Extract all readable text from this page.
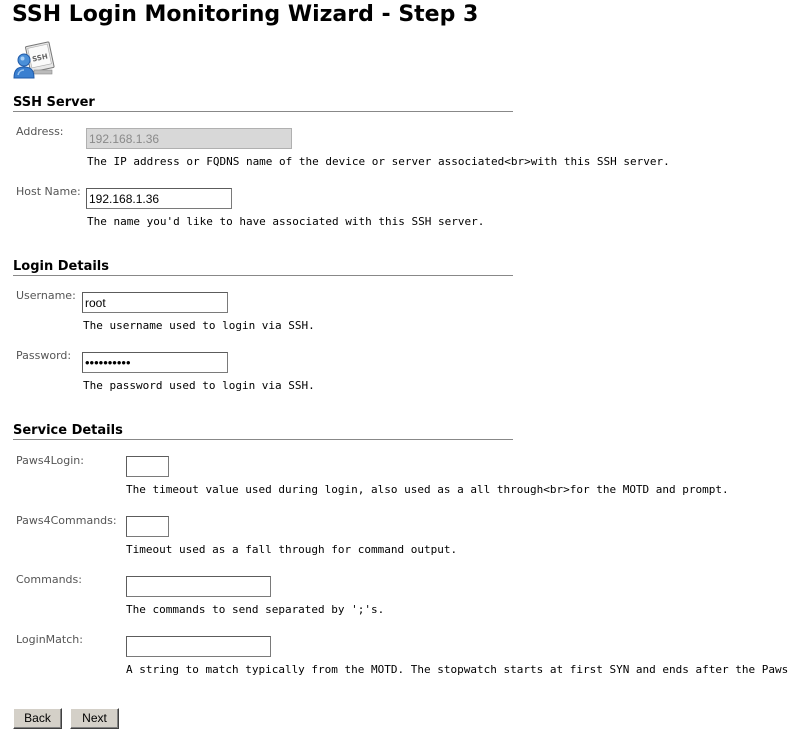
SSH Login Monitoring Wizard - Step 3
SSH
SSH Server
Address:
192.168.1.36
The IP address or FQDNS name of the device or server associated<br>with this SSH server.
Host Name:
192.168.1.36
The name you'd like to have associated with this SSH server.
Login Details
Username:
root
The username used to login via SSH.
Password:
••••••••••
The password used to login via SSH.
Service Details
Paws4Login:
The timeout value used during login, also used as a all through<br>for the MOTD and prompt.
Paws4Commands:
Timeout used as a fall through for command output.
Commands:
The commands to send separated by ';'s.
LoginMatch:
A string to match typically from the MOTD. The stopwatch starts at first SYN and ends after the Paws
Back	Next
